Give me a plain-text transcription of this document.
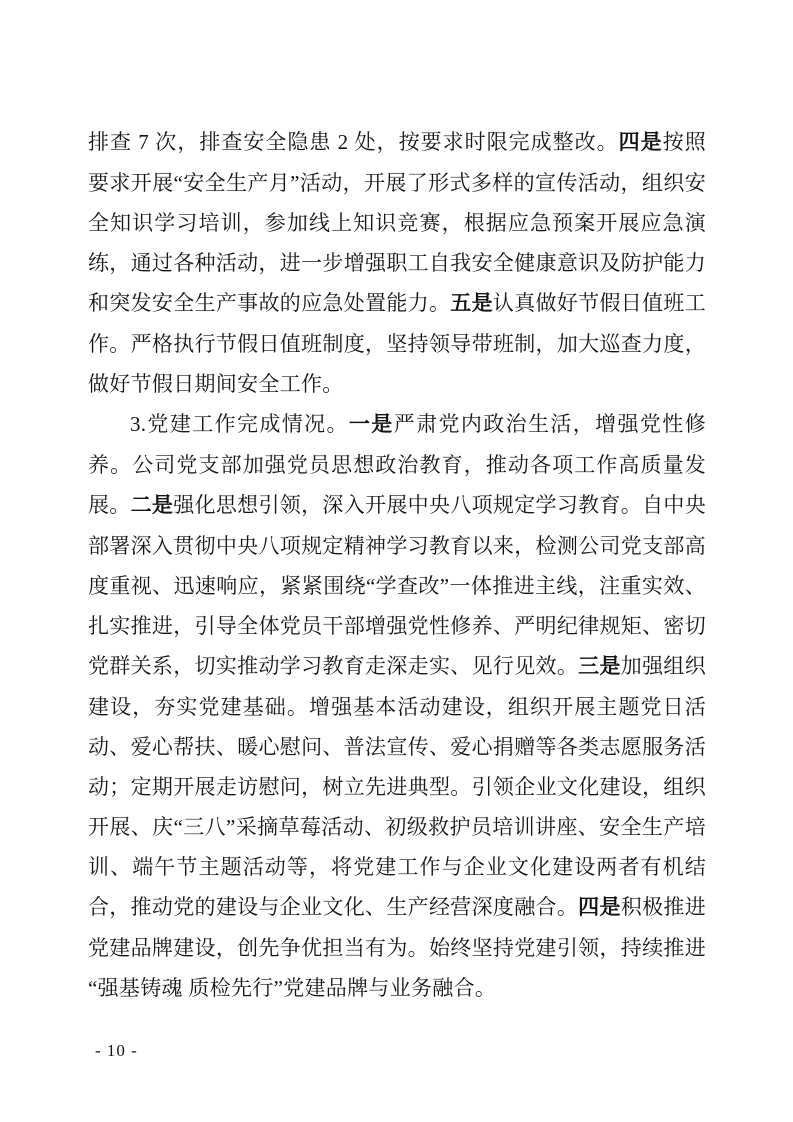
排查 7 次，排查安全隐患 2 处，按要求时限完成整改。四是按照要求开展“安全生产月”活动，开展了形式多样的宣传活动，组织安全知识学习培训，参加线上知识竞赛，根据应急预案开展应急演练，通过各种活动，进一步增强职工自我安全健康意识及防护能力和突发安全生产事故的应急处置能力。五是认真做好节假日值班工作。严格执行节假日值班制度，坚持领导带班制，加大巡查力度，做好节假日期间安全工作。

3.党建工作完成情况。一是严肃党内政治生活，增强党性修养。公司党支部加强党员思想政治教育，推动各项工作高质量发展。二是强化思想引领，深入开展中央八项规定学习教育。自中央部署深入贯彻中央八项规定精神学习教育以来，检测公司党支部高度重视、迅速响应，紧紧围绕“学查改”一体推进主线，注重实效、扎实推进，引导全体党员干部增强党性修养、严明纪律规矩、密切党群关系，切实推动学习教育走深走实、见行见效。三是加强组织建设，夯实党建基础。增强基本活动建设，组织开展主题党日活动、爱心帮扶、暖心慰问、普法宣传、爱心捐赠等各类志愿服务活动；定期开展走访慰问，树立先进典型。引领企业文化建设，组织开展、庆“三八”采摘草莓活动、初级救护员培训讲座、安全生产培训、端午节主题活动等，将党建工作与企业文化建设两者有机结合，推动党的建设与企业文化、生产经营深度融合。四是积极推进党建品牌建设，创先争优担当有为。始终坚持党建引领，持续推进“强基铸魂 质检先行”党建品牌与业务融合。

- 10 -
